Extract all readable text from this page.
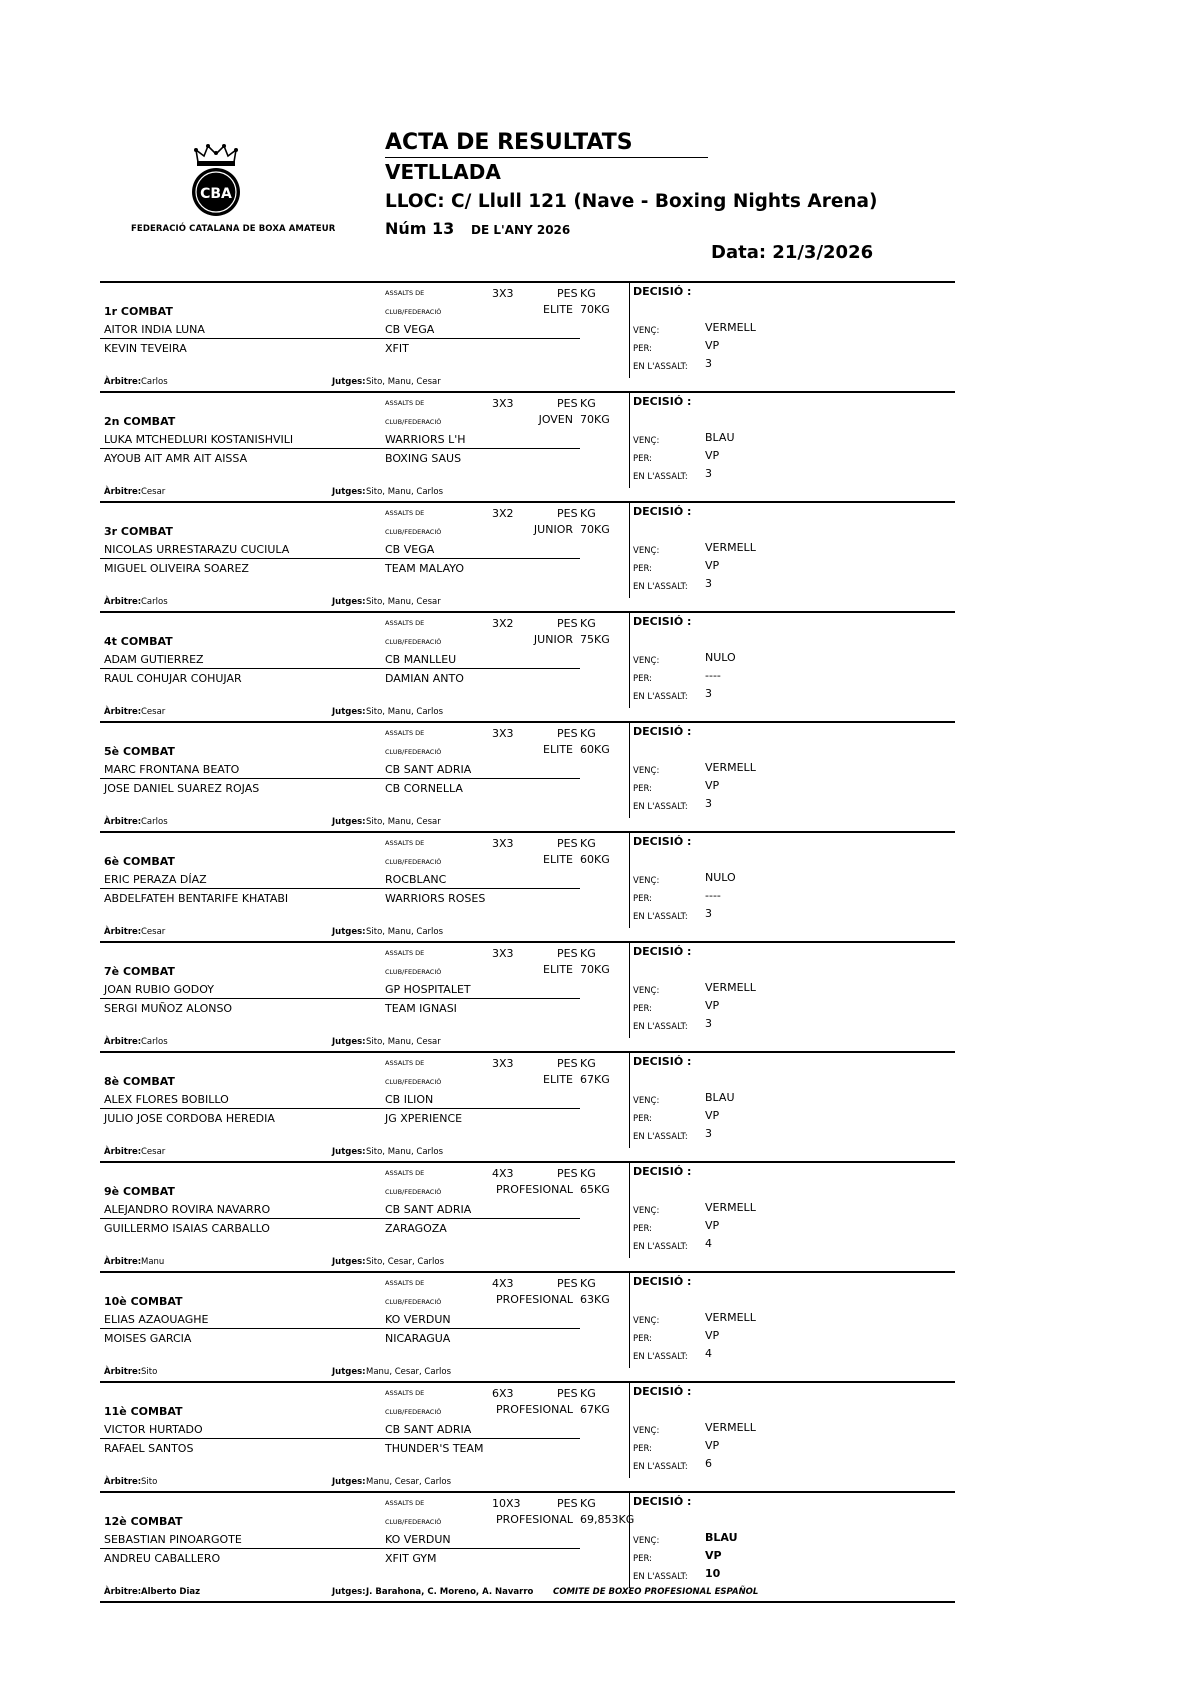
CBA
FEDERACIÓ CATALANA DE BOXA AMATEUR
ACTA DE RESULTATS
VETLLADA
LLOC: C/ Llull 121 (Nave - Boxing Nights Arena)
Núm 13 DE L'ANY 2026
Data: 21/3/2026
ASSALTS DE	3X3	PES KG	DECISIÓ :
1r COMBAT	CLUB/FEDERACIÓ	ELITE 70KG
AITOR INDIA LUNA	CB VEGA	VENÇ:	VERMELL
KEVIN TEVEIRA	XFIT	PER:	VP
EN L'ASSALT: 3
Àrbitre: Carlos	Jutges: Sito, Manu, Cesar
ASSALTS DE	3X3	PES KG	DECISIÓ :
2n COMBAT	CLUB/FEDERACIÓ	JOVEN 70KG
LUKA MTCHEDLURI KOSTANISHVILI	WARRIORS L'H	VENÇ:	BLAU
AYOUB AIT AMR AIT AISSA	BOXING SAUS	PER:	VP
EN L'ASSALT: 3
Àrbitre: Cesar	Jutges: Sito, Manu, Carlos
ASSALTS DE	3X2	PES KG	DECISIÓ :
3r COMBAT	CLUB/FEDERACIÓ	JUNIOR 70KG
NICOLAS URRESTARAZU CUCIULA	CB VEGA	VENÇ:	VERMELL
MIGUEL OLIVEIRA SOAREZ	TEAM MALAYO	PER:	VP
EN L'ASSALT: 3
Àrbitre: Carlos	Jutges: Sito, Manu, Cesar
ASSALTS DE	3X2	PES KG	DECISIÓ :
4t COMBAT	CLUB/FEDERACIÓ	JUNIOR 75KG
ADAM GUTIERREZ	CB MANLLEU	VENÇ:	NULO
RAUL COHUJAR COHUJAR	DAMIAN ANTO	PER:	----
EN L'ASSALT: 3
Àrbitre: Cesar	Jutges: Sito, Manu, Carlos
ASSALTS DE	3X3	PES KG	DECISIÓ :
5è COMBAT	CLUB/FEDERACIÓ	ELITE 60KG
MARC FRONTANA BEATO	CB SANT ADRIA	VENÇ:	VERMELL
JOSE DANIEL SUAREZ ROJAS	CB CORNELLA	PER:	VP
EN L'ASSALT: 3
Àrbitre: Carlos	Jutges: Sito, Manu, Cesar
ASSALTS DE	3X3	PES KG	DECISIÓ :
6è COMBAT	CLUB/FEDERACIÓ	ELITE 60KG
ERIC PERAZA DÍAZ	ROCBLANC	VENÇ:	NULO
ABDELFATEH BENTARIFE KHATABI	WARRIORS ROSES	PER:	----
EN L'ASSALT: 3
Àrbitre: Cesar	Jutges: Sito, Manu, Carlos
ASSALTS DE	3X3	PES KG	DECISIÓ :
7è COMBAT	CLUB/FEDERACIÓ	ELITE 70KG
JOAN RUBIO GODOY	GP HOSPITALET	VENÇ:	VERMELL
SERGI MUÑOZ ALONSO	TEAM IGNASI	PER:	VP
EN L'ASSALT: 3
Àrbitre: Carlos	Jutges: Sito, Manu, Cesar
ASSALTS DE	3X3	PES KG	DECISIÓ :
8è COMBAT	CLUB/FEDERACIÓ	ELITE 67KG
ALEX FLORES BOBILLO	CB ILION	VENÇ:	BLAU
JULIO JOSE CORDOBA HEREDIA	JG XPERIENCE	PER:	VP
EN L'ASSALT: 3
Àrbitre: Cesar	Jutges: Sito, Manu, Carlos
ASSALTS DE	4X3	PES KG	DECISIÓ :
9è COMBAT	CLUB/FEDERACIÓ	PROFESIONAL 65KG
ALEJANDRO ROVIRA NAVARRO	CB SANT ADRIA	VENÇ:	VERMELL
GUILLERMO ISAIAS CARBALLO	ZARAGOZA	PER:	VP
EN L'ASSALT: 4
Àrbitre: Manu	Jutges: Sito, Cesar, Carlos
ASSALTS DE	4X3	PES KG	DECISIÓ :
10è COMBAT	CLUB/FEDERACIÓ	PROFESIONAL 63KG
ELIAS AZAOUAGHE	KO VERDUN	VENÇ:	VERMELL
MOISES GARCIA	NICARAGUA	PER:	VP
EN L'ASSALT: 4
Àrbitre: Sito	Jutges: Manu, Cesar, Carlos
ASSALTS DE	6X3	PES KG	DECISIÓ :
11è COMBAT	CLUB/FEDERACIÓ	PROFESIONAL 67KG
VICTOR HURTADO	CB SANT ADRIA	VENÇ:	VERMELL
RAFAEL SANTOS	THUNDER'S TEAM	PER:	VP
EN L'ASSALT: 6
Àrbitre: Sito	Jutges: Manu, Cesar, Carlos
ASSALTS DE	10X3	PES KG	DECISIÓ :
12è COMBAT	CLUB/FEDERACIÓ	PROFESIONAL 69,853KG
SEBASTIAN PINOARGOTE	KO VERDUN	VENÇ:	BLAU
ANDREU CABALLERO	XFIT GYM	PER:	VP
EN L'ASSALT: 10
Àrbitre: Alberto Diaz	Jutges: J. Barahona, C. Moreno, A. Navarro COMITE DE BOXEO PROFESIONAL ESPAÑOL
